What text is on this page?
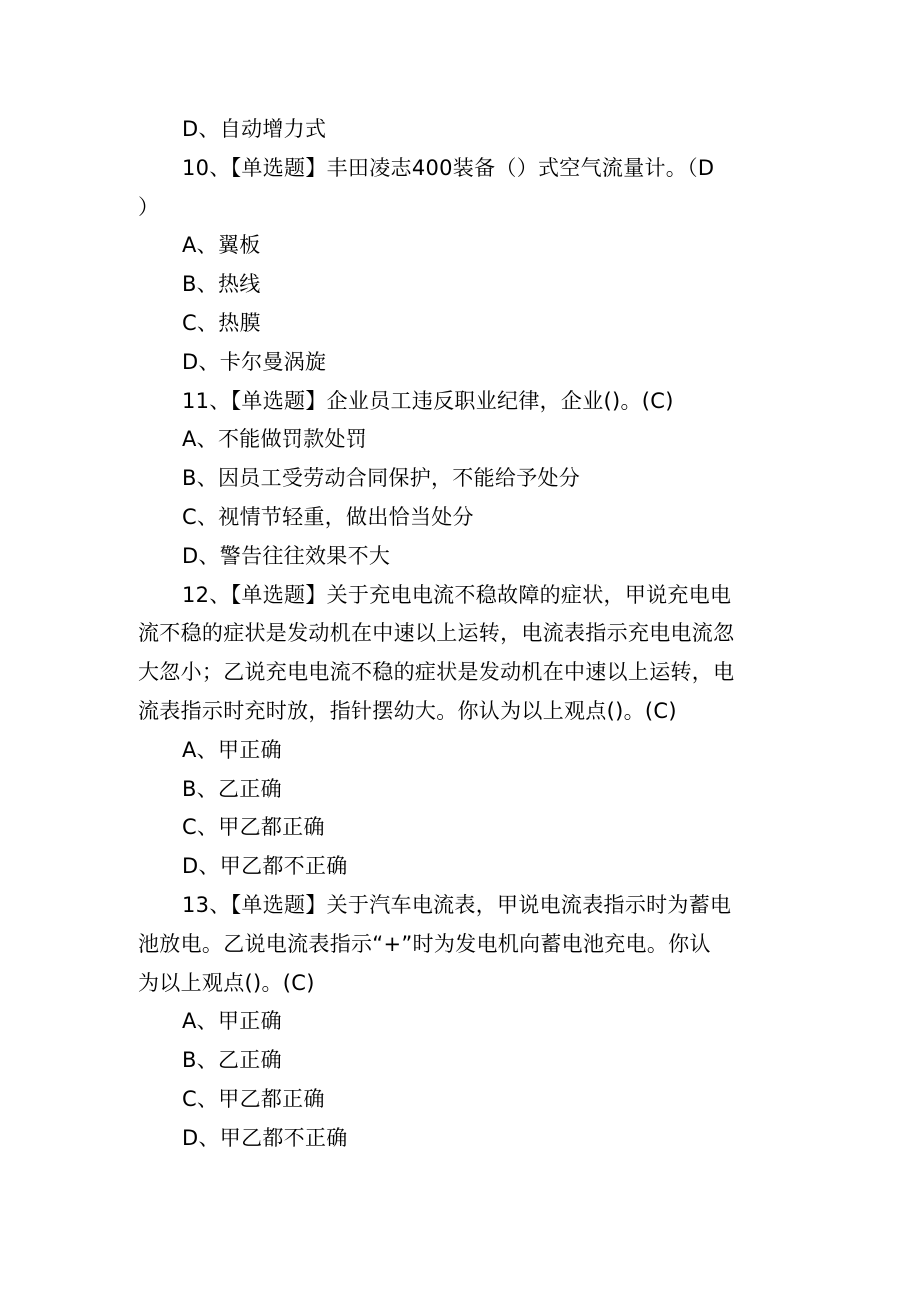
D、自动增力式
10、【单选题】丰田凌志400装备（）式空气流量计。（D
）
A、翼板
B、热线
C、热膜
D、卡尔曼涡旋
11、【单选题】企业员工违反职业纪律，企业()。(C)
A、不能做罚款处罚
B、因员工受劳动合同保护，不能给予处分
C、视情节轻重，做出恰当处分
D、警告往往效果不大
12、【单选题】关于充电电流不稳故障的症状，甲说充电电
流不稳的症状是发动机在中速以上运转，电流表指示充电电流忽
大忽小；乙说充电电流不稳的症状是发动机在中速以上运转，电
流表指示时充时放，指针摆幼大。你认为以上观点()。(C)
A、甲正确
B、乙正确
C、甲乙都正确
D、甲乙都不正确
13、【单选题】关于汽车电流表，甲说电流表指示时为蓄电
池放电。乙说电流表指示“+”时为发电机向蓄电池充电。你认
为以上观点()。(C)
A、甲正确
B、乙正确
C、甲乙都正确
D、甲乙都不正确
